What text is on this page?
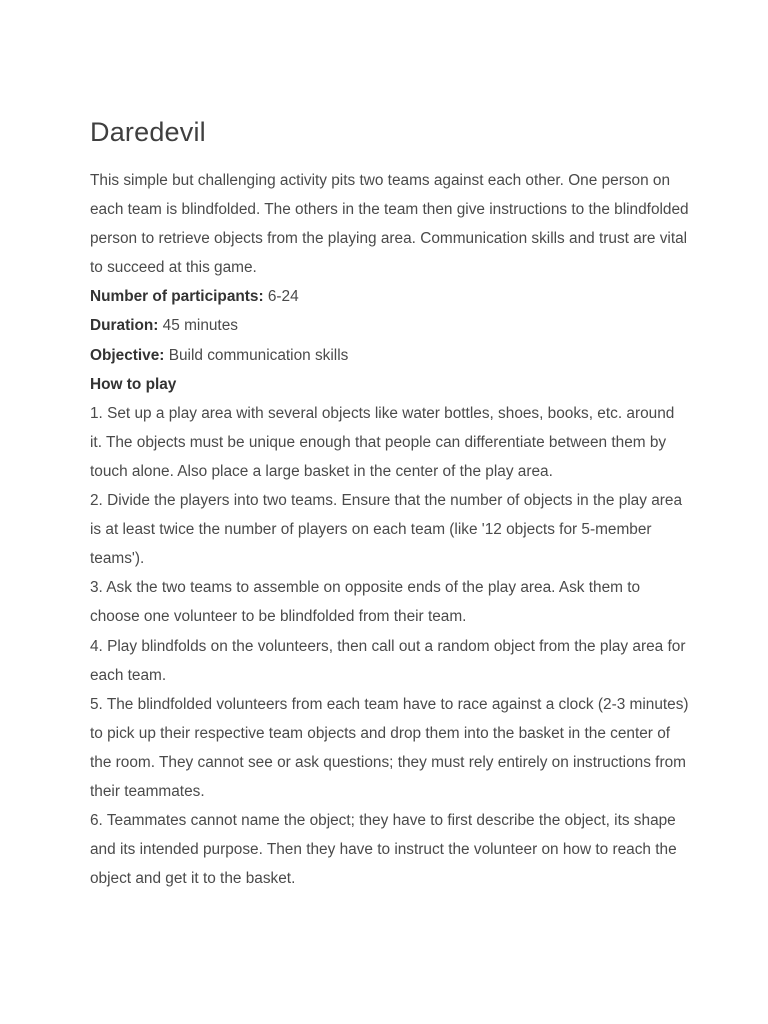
Daredevil

This simple but challenging activity pits two teams against each other. One person on each team is blindfolded. The others in the team then give instructions to the blindfolded person to retrieve objects from the playing area. Communication skills and trust are vital to succeed at this game.

Number of participants: 6-24

Duration: 45 minutes

Objective: Build communication skills

How to play

1. Set up a play area with several objects like water bottles, shoes, books, etc. around it. The objects must be unique enough that people can differentiate between them by touch alone. Also place a large basket in the center of the play area.

2. Divide the players into two teams. Ensure that the number of objects in the play area is at least twice the number of players on each team (like '12 objects for 5-member teams').

3. Ask the two teams to assemble on opposite ends of the play area. Ask them to choose one volunteer to be blindfolded from their team.

4. Play blindfolds on the volunteers, then call out a random object from the play area for each team.

5. The blindfolded volunteers from each team have to race against a clock (2-3 minutes) to pick up their respective team objects and drop them into the basket in the center of the room. They cannot see or ask questions; they must rely entirely on instructions from their teammates.

6. Teammates cannot name the object; they have to first describe the object, its shape and its intended purpose. Then they have to instruct the volunteer on how to reach the object and get it to the basket.
